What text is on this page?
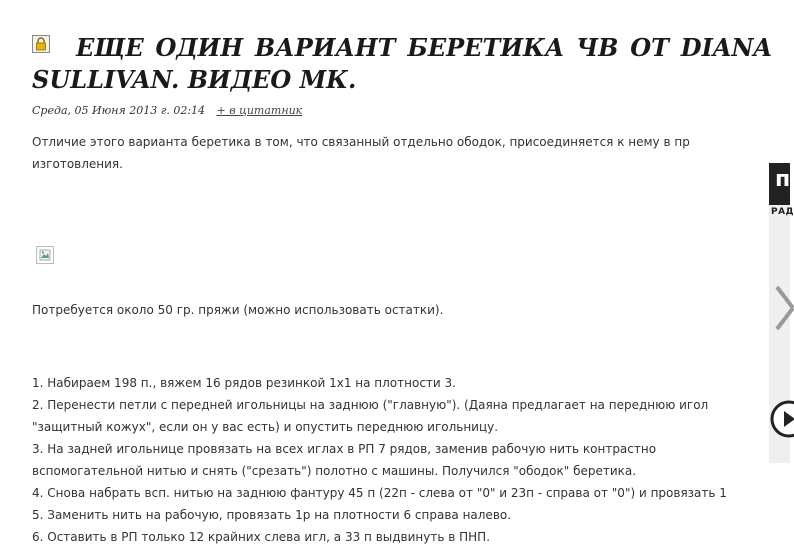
ЕЩЕ ОДИН ВАРИАНТ БЕРЕТИКА ЧВ ОТ DIANA
SULLIVAN. ВИДЕО МК.
Среда, 05 Июня 2013 г. 02:14 + в цитатник

Отличие этого варианта беретика в том, что связанный отдельно ободок, присоединяется к нему в пр

изготовления.

Потребуется около 50 гр. пряжи (можно использовать остатки).

1. Набираем 198 п., вяжем 16 рядов резинкой 1х1 на плотности 3.
2. Перенести петли с передней игольницы на заднюю ("главную"). (Даяна предлагает на переднюю игол
"защитный кожух", если он у вас есть) и опустить переднюю игольницу.
3. На задней игольнице провязать на всех иглах в РП 7 рядов, заменив рабочую нить контрастно
вспомогательной нитью и снять ("срезать") полотно с машины. Получился "ободок" беретика.
4. Снова набрать всп. нитью на заднюю фантуру 45 п (22п - слева от "0" и 23п - справа от "0") и провязать 1
5. Заменить нить на рабочую, провязать 1р на плотности 6 справа налево.
6. Оставить в РП только 12 крайних слева игл, а 33 п выдвинуть в ПНП.
п
РАД
